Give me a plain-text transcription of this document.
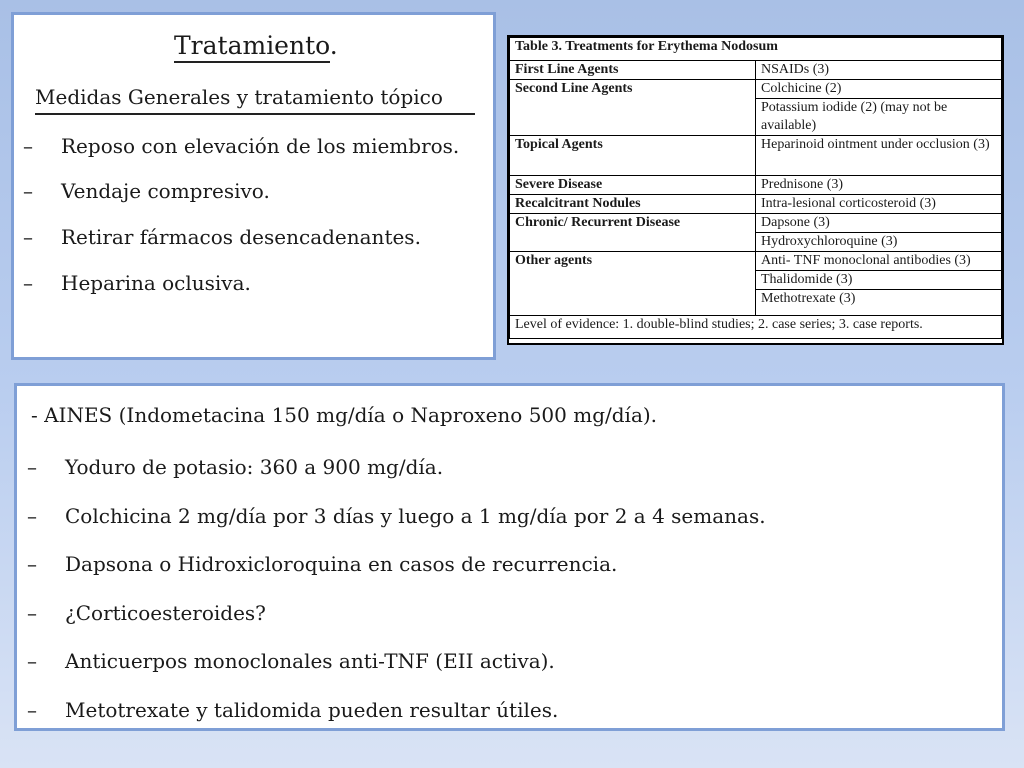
Tratamiento.
Medidas Generales y tratamiento tópico
– Reposo con elevación de los miembros.
– Vendaje compresivo.
– Retirar fármacos desencadenantes.
– Heparina oclusiva.
Table 3. Treatments for Erythema Nodosum	
First Line Agents	NSAIDs (3)
Second Line Agents	Colchicine (2)
	Potassium iodide (2) (may not be available)
Topical Agents	Heparinoid ointment under occlusion (3)
Severe Disease	Prednisone (3)
Recalcitrant Nodules	Intra-lesional corticosteroid (3)
Chronic/ Recurrent Disease	Dapsone (3)
	Hydroxychloroquine (3)
Other agents	Anti- TNF monoclonal antibodies (3)
	Thalidomide (3)
	Methotrexate (3)
Level of evidence: 1. double-blind studies; 2. case series; 3. case reports.	
- AINES (Indometacina 150 mg/día o Naproxeno 500 mg/día).
– Yoduro de potasio: 360 a 900 mg/día.
– Colchicina 2 mg/día por 3 días y luego a 1 mg/día por 2 a 4 semanas.
– Dapsona o Hidroxicloroquina en casos de recurrencia.
– ¿Corticoesteroides?
– Anticuerpos monoclonales anti-TNF (EII activa).
– Metotrexate y talidomida pueden resultar útiles.
